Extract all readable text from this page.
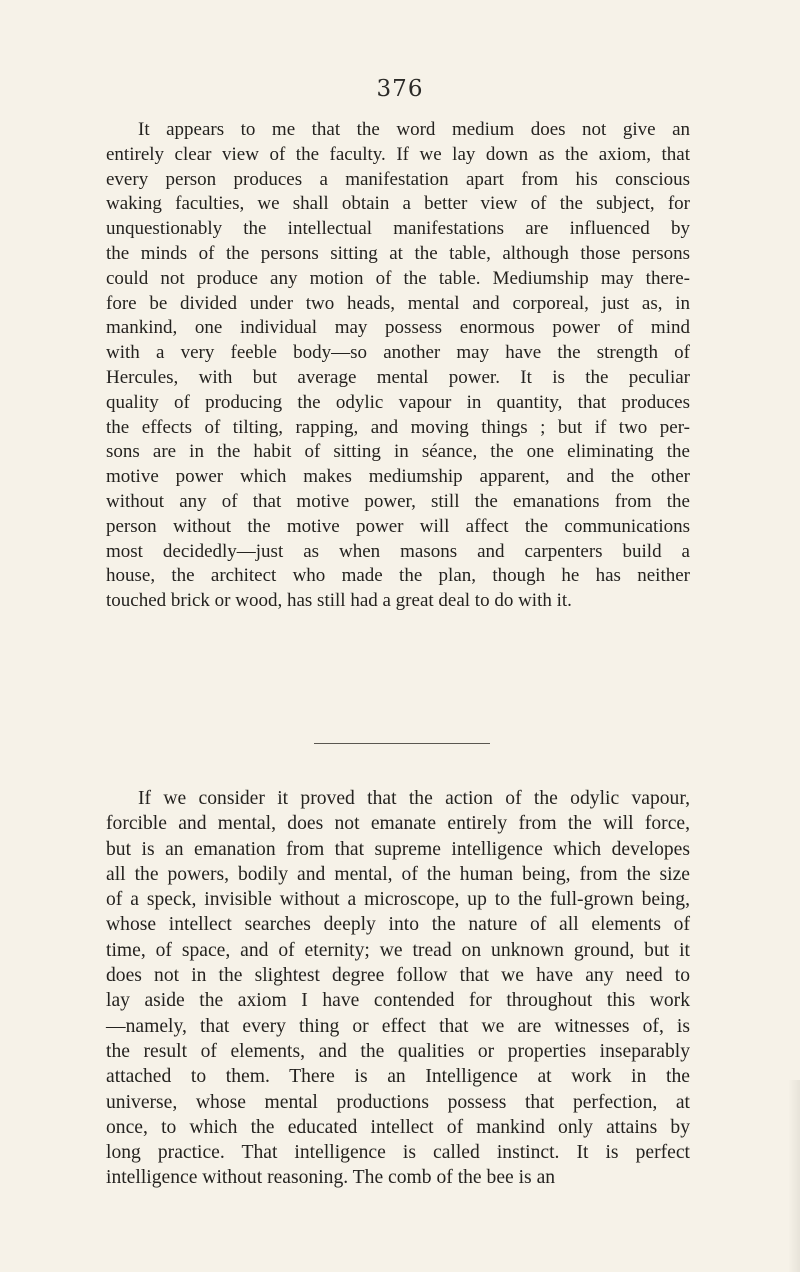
376
It appears to me that the word medium does not give an
entirely clear view of the faculty. If we lay down as the axiom, that
every person produces a manifestation apart from his conscious
waking faculties, we shall obtain a better view of the subject, for
unquestionably the intellectual manifestations are influenced by
the minds of the persons sitting at the table, although those persons
could not produce any motion of the table. Mediumship may there-
fore be divided under two heads, mental and corporeal, just as, in
mankind, one individual may possess enormous power of mind
with a very feeble body—so another may have the strength of
Hercules, with but average mental power. It is the peculiar
quality of producing the odylic vapour in quantity, that produces
the effects of tilting, rapping, and moving things ; but if two per-
sons are in the habit of sitting in séance, the one eliminating the
motive power which makes mediumship apparent, and the other
without any of that motive power, still the emanations from the
person without the motive power will affect the communications
most decidedly—just as when masons and carpenters build a
house, the architect who made the plan, though he has neither
touched brick or wood, has still had a great deal to do with it.
If we consider it proved that the action of the odylic vapour,
forcible and mental, does not emanate entirely from the will force,
but is an emanation from that supreme intelligence which developes
all the powers, bodily and mental, of the human being, from the size
of a speck, invisible without a microscope, up to the full-grown being,
whose intellect searches deeply into the nature of all elements of
time, of space, and of eternity; we tread on unknown ground, but it
does not in the slightest degree follow that we have any need to
lay aside the axiom I have contended for throughout this work
—namely, that every thing or effect that we are witnesses of, is
the result of elements, and the qualities or properties inseparably
attached to them. There is an Intelligence at work in the
universe, whose mental productions possess that perfection, at
once, to which the educated intellect of mankind only attains by
long practice. That intelligence is called instinct. It is perfect
intelligence without reasoning. The comb of the bee is an
